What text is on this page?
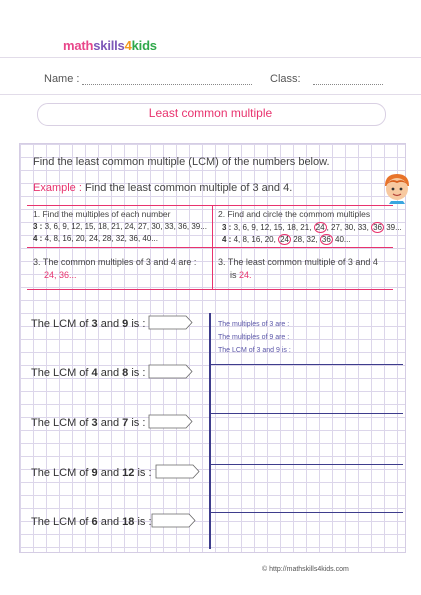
mathskills4kids
Name :	Class:
Least common multiple
Find the least common multiple (LCM) of the numbers below.
Example : Find the least common multiple of 3 and 4.
1. Find the multiples of each number
3 : 3, 6, 9, 12, 15, 18, 21, 24, 27, 30, 33, 36, 39...
4 : 4, 8, 16, 20, 24, 28, 32, 36, 40...
2. Find and circle the commom multiples
3 : 3, 6, 9, 12, 15, 18, 21, 24 , 27, 30, 33, 36 39...
4 : 4, 8, 16, 20, 24 28, 32, 36 40...
3. The common multiples of 3 and 4 are :
24, 36...
3. The least common multiple of 3 and 4
is 24.
The multiples of 3 are :
The multiples of 9 are :
The LCM of 3 and 9 is :
The LCM of 3 and 9 is :
The LCM of 4 and 8 is :
The LCM of 3 and 7 is :
The LCM of 9 and 12 is :
The LCM of 6 and 18 is :
© http://mathskills4kids.com
